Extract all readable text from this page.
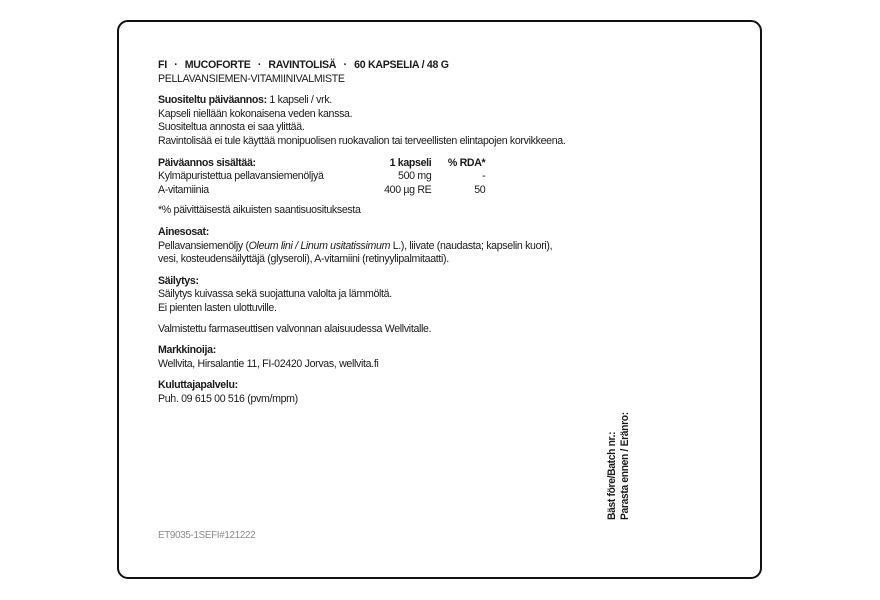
FI · MUCOFORTE · RAVINTOLISÄ · 60 KAPSELIA / 48 G

PELLAVANSIEMEN-VITAMIINIVALMISTE

Suositeltu päiväannos: 1 kapseli / vrk.

Kapseli niellään kokonaisena veden kanssa.

Suositeltua annosta ei saa ylittää.

Ravintolisää ei tule käyttää monipuolisen ruokavalion tai terveellisten elintapojen korvikkeena.

Päiväannos sisältää:	1 kapseli	% RDA*
Kylmäpuristettua pellavansiemenöljyä	500 mg	-
A-vitamiinia	400 µg RE	50

*% päivittäisestä aikuisten saantisuosituksesta

Ainesosat:

Pellavansiemenöljy (Oleum lini / Linum usitatissimum L.), liivate (naudasta; kapselin kuori),

vesi, kosteudensäilyttäjä (glyseroli), A-vitamiini (retinyylipalmitaatti).

Säilytys:

Säilytys kuivassa sekä suojattuna valolta ja lämmöltä.

Ei pienten lasten ulottuville.

Valmistettu farmaseuttisen valvonnan alaisuudessa Wellvitalle.

Markkinoija:

Wellvita, Hirsalantie 11, FI-02420 Jorvas, wellvita.fi

Kuluttajapalvelu:

Puh. 09 615 00 516 (pvm/mpm)

ET9035-1SEFI#121222
Bäst före/Batch nr.: Parasta ennen / Eränro:
